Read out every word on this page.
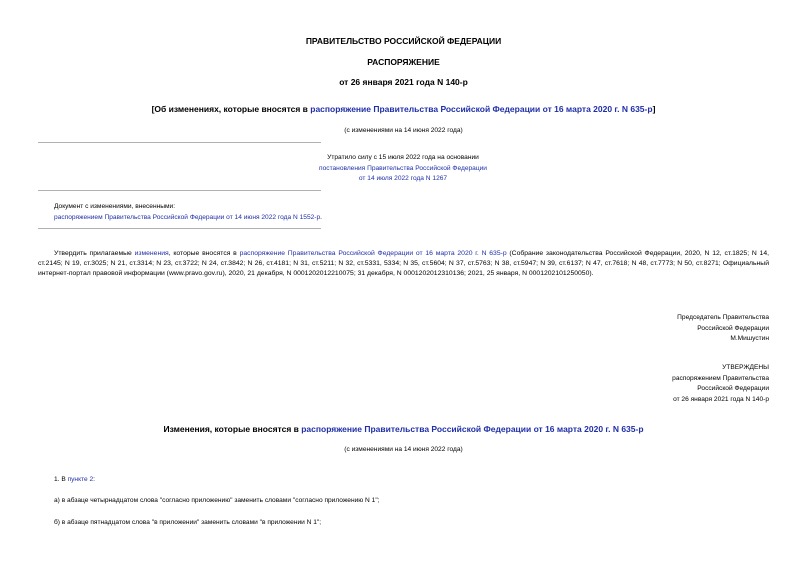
ПРАВИТЕЛЬСТВО РОССИЙСКОЙ ФЕДЕРАЦИИ
РАСПОРЯЖЕНИЕ
от 26 января 2021 года N 140-р
[Об изменениях, которые вносятся в распоряжение Правительства Российской Федерации от 16 марта 2020 г. N 635-р]
(с изменениями на 14 июня 2022 года)
Утратило силу с 15 июля 2022 года на основании
постановления Правительства Российской Федерации
от 14 июля 2022 года N 1267
Документ с изменениями, внесенными:
распоряжением Правительства Российской Федерации от 14 июня 2022 года N 1552-р.
Утвердить прилагаемые изменения, которые вносятся в распоряжение Правительства Российской Федерации от 16 марта 2020 г. N 635-р (Собрание законодательства Российской Федерации, 2020, N 12, ст.1825; N 14, ст.2145; N 19, ст.3025; N 21, ст.3314; N 23, ст.3722; N 24, ст.3842; N 26, ст.4181; N 31, ст.5211; N 32, ст.5331, 5334; N 35, ст.5604; N 37, ст.5763; N 38, ст.5947; N 39, ст.6137; N 47, ст.7618; N 48, ст.7773; N 50, ст.8271; Официальный интернет-портал правовой информации (www.pravo.gov.ru), 2020, 21 декабря, N 0001202012210075; 31 декабря, N 0001202012310136; 2021, 25 января, N 0001202101250050).
Председатель Правительства
Российской Федерации
М.Мишустин
УТВЕРЖДЕНЫ
распоряжением Правительства
Российской Федерации
от 26 января 2021 года N 140-р
Изменения, которые вносятся в распоряжение Правительства Российской Федерации от 16 марта 2020 г. N 635-р
(с изменениями на 14 июня 2022 года)
1. В пункте 2:
а) в абзаце четырнадцатом слова "согласно приложению" заменить словами "согласно приложению N 1";
б) в абзаце пятнадцатом слова "в приложении" заменить словами "в приложении N 1";
